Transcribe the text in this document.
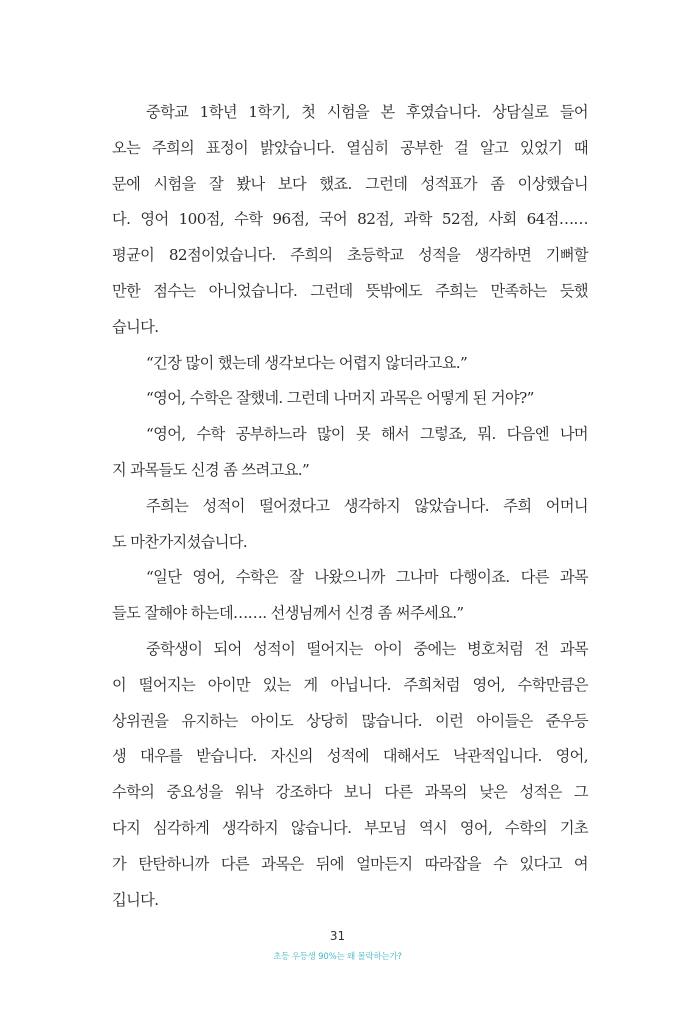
중학교 1학년 1학기, 첫 시험을 본 후였습니다. 상담실로 들어
오는 주희의 표정이 밝았습니다. 열심히 공부한 걸 알고 있었기 때
문에 시험을 잘 봤나 보다 했죠. 그런데 성적표가 좀 이상했습니
다. 영어 100점, 수학 96점, 국어 82점, 과학 52점, 사회 64점……
평균이 82점이었습니다. 주희의 초등학교 성적을 생각하면 기뻐할
만한 점수는 아니었습니다. 그런데 뜻밖에도 주희는 만족하는 듯했
습니다.
“긴장 많이 했는데 생각보다는 어렵지 않더라고요.”
“영어, 수학은 잘했네. 그런데 나머지 과목은 어떻게 된 거야?”
“영어, 수학 공부하느라 많이 못 해서 그렇죠, 뭐. 다음엔 나머
지 과목들도 신경 좀 쓰려고요.”
주희는 성적이 떨어졌다고 생각하지 않았습니다. 주희 어머니
도 마찬가지셨습니다.
“일단 영어, 수학은 잘 나왔으니까 그나마 다행이죠. 다른 과목
들도 잘해야 하는데……. 선생님께서 신경 좀 써주세요.”
중학생이 되어 성적이 떨어지는 아이 중에는 병호처럼 전 과목
이 떨어지는 아이만 있는 게 아닙니다. 주희처럼 영어, 수학만큼은
상위권을 유지하는 아이도 상당히 많습니다. 이런 아이들은 준우등
생 대우를 받습니다. 자신의 성적에 대해서도 낙관적입니다. 영어,
수학의 중요성을 워낙 강조하다 보니 다른 과목의 낮은 성적은 그
다지 심각하게 생각하지 않습니다. 부모님 역시 영어, 수학의 기초
가 탄탄하니까 다른 과목은 뒤에 얼마든지 따라잡을 수 있다고 여
깁니다.
31
초등 우등생 90%는 왜 몰락하는가?
